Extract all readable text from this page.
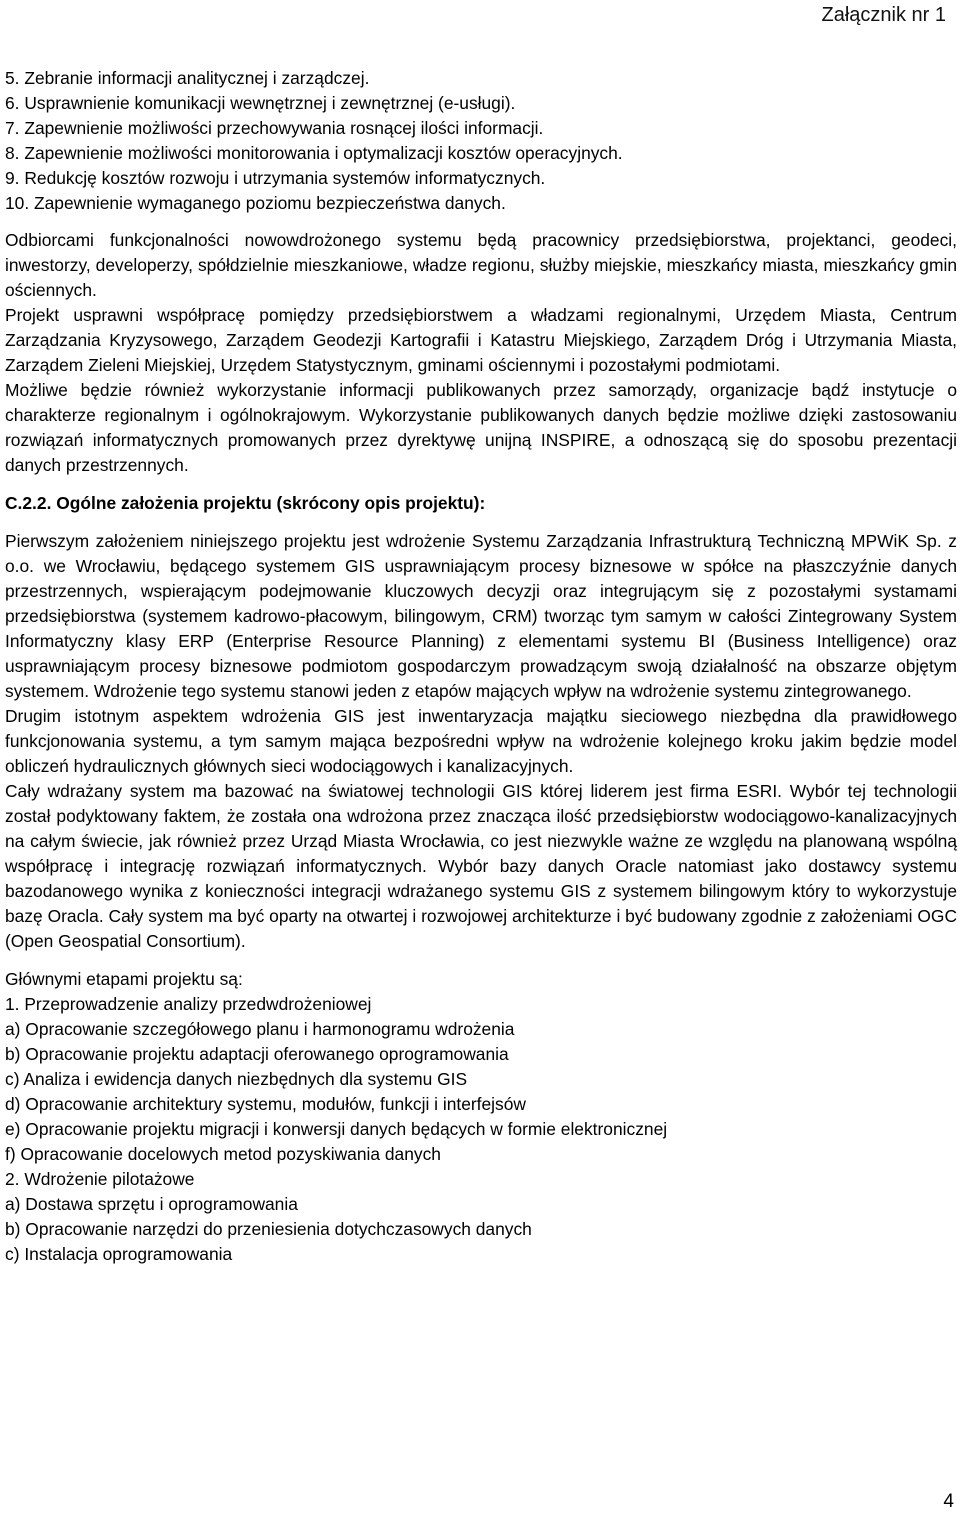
Załącznik nr 1
5. Zebranie informacji analitycznej i zarządczej.
6. Usprawnienie komunikacji wewnętrznej i zewnętrznej (e-usługi).
7. Zapewnienie możliwości przechowywania rosnącej ilości informacji.
8. Zapewnienie możliwości monitorowania i optymalizacji kosztów operacyjnych.
9. Redukcję kosztów rozwoju i utrzymania systemów informatycznych.
10. Zapewnienie wymaganego poziomu bezpieczeństwa danych.

Odbiorcami funkcjonalności nowowdrożonego systemu będą pracownicy przedsiębiorstwa, projektanci, geodeci, inwestorzy, developerzy, spółdzielnie mieszkaniowe, władze regionu, służby miejskie, mieszkańcy miasta, mieszkańcy gmin ościennych.

Projekt usprawni współpracę pomiędzy przedsiębiorstwem a władzami regionalnymi, Urzędem Miasta, Centrum Zarządzania Kryzysowego, Zarządem Geodezji Kartografii i Katastru Miejskiego, Zarządem Dróg i Utrzymania Miasta, Zarządem Zieleni Miejskiej, Urzędem Statystycznym, gminami ościennymi i pozostałymi podmiotami.

Możliwe będzie również wykorzystanie informacji publikowanych przez samorządy, organizacje bądź instytucje o charakterze regionalnym i ogólnokrajowym. Wykorzystanie publikowanych danych będzie możliwe dzięki zastosowaniu rozwiązań informatycznych promowanych przez dyrektywę unijną INSPIRE, a odnoszącą się do sposobu prezentacji danych przestrzennych.

C.2.2. Ogólne założenia projektu (skrócony opis projektu):

Pierwszym założeniem niniejszego projektu jest wdrożenie Systemu Zarządzania Infrastrukturą Techniczną MPWiK Sp. z o.o. we Wrocławiu, będącego systemem GIS usprawniającym procesy biznesowe w spółce na płaszczyźnie danych przestrzennych, wspierającym podejmowanie kluczowych decyzji oraz integrującym się z pozostałymi systamami przedsiębiorstwa (systemem kadrowo-płacowym, bilingowym, CRM) tworząc tym samym w całości Zintegrowany System Informatyczny klasy ERP (Enterprise Resource Planning) z elementami systemu BI (Business Intelligence) oraz usprawniającym procesy biznesowe podmiotom gospodarczym prowadzącym swoją działalność na obszarze objętym systemem. Wdrożenie tego systemu stanowi jeden z etapów mających wpływ na wdrożenie systemu zintegrowanego.

Drugim istotnym aspektem wdrożenia GIS jest inwentaryzacja majątku sieciowego niezbędna dla prawidłowego funkcjonowania systemu, a tym samym mająca bezpośredni wpływ na wdrożenie kolejnego kroku jakim będzie model obliczeń hydraulicznych głównych sieci wodociągowych i kanalizacyjnych.

Cały wdrażany system ma bazować na światowej technologii GIS której liderem jest firma ESRI. Wybór tej technologii został podyktowany faktem, że została ona wdrożona przez znacząca ilość przedsiębiorstw wodociągowo-kanalizacyjnych na całym świecie, jak również przez Urząd Miasta Wrocławia, co jest niezwykle ważne ze względu na planowaną wspólną współpracę i integrację rozwiązań informatycznych. Wybór bazy danych Oracle natomiast jako dostawcy systemu bazodanowego wynika z konieczności integracji wdrażanego systemu GIS z systemem bilingowym który to wykorzystuje bazę Oracla. Cały system ma być oparty na otwartej i rozwojowej architekturze i być budowany zgodnie z założeniami OGC (Open Geospatial Consortium).

Głównymi etapami projektu są:

1. Przeprowadzenie analizy przedwdrożeniowej
a) Opracowanie szczegółowego planu i harmonogramu wdrożenia
b) Opracowanie projektu adaptacji oferowanego oprogramowania
c) Analiza i ewidencja danych niezbędnych dla systemu GIS
d) Opracowanie architektury systemu, modułów, funkcji i interfejsów
e) Opracowanie projektu migracji i konwersji danych będących w formie elektronicznej
f) Opracowanie docelowych metod pozyskiwania danych
2. Wdrożenie pilotażowe
a) Dostawa sprzętu i oprogramowania
b) Opracowanie narzędzi do przeniesienia dotychczasowych danych
c) Instalacja oprogramowania
4
